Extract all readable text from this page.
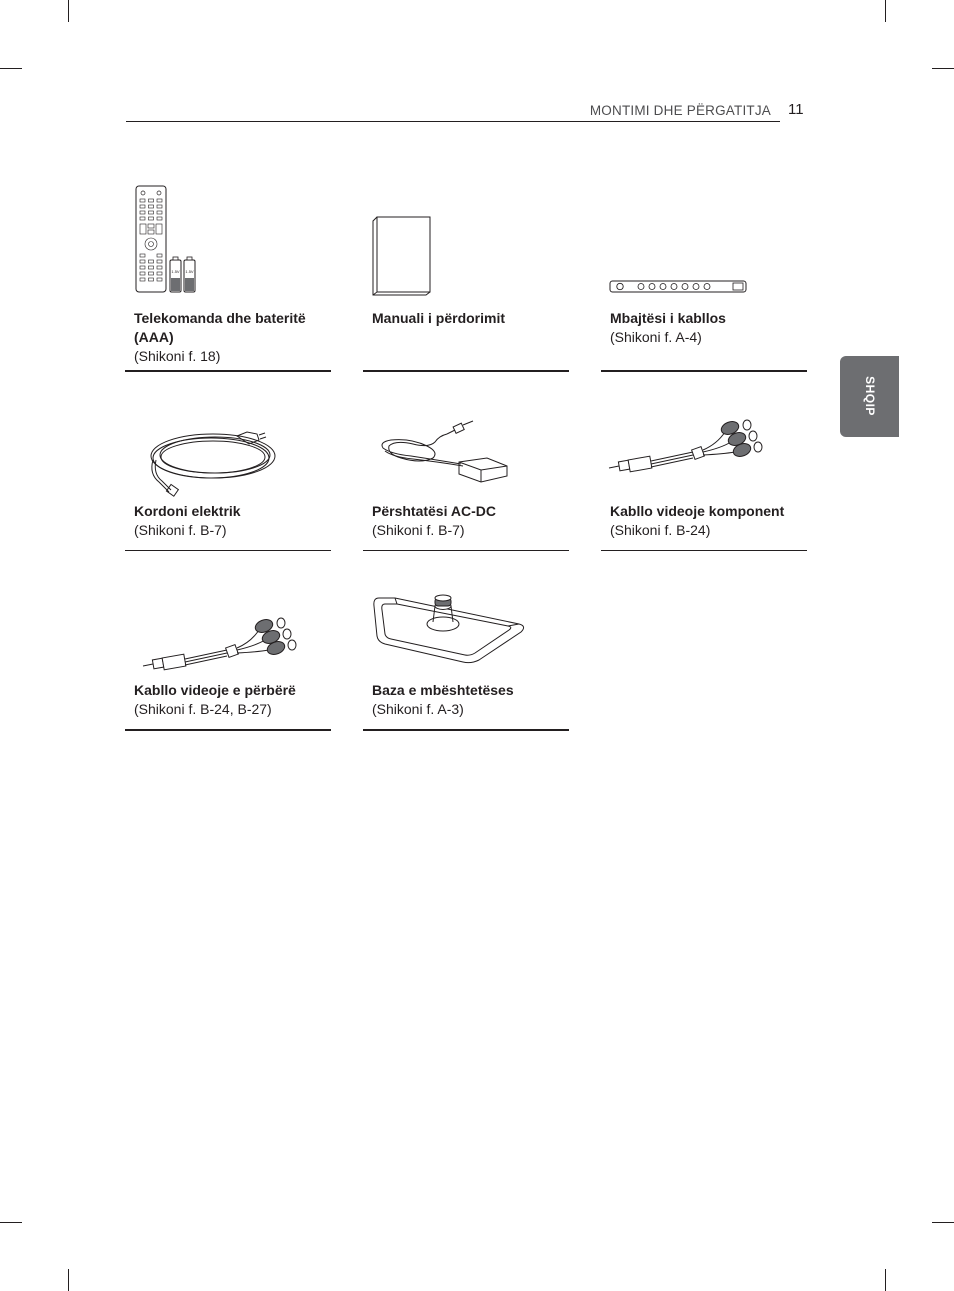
MONTIMI DHE PËRGATITJA 11
SHQIP
1.5V 1.5V
Telekomanda dhe bateritë (AAA)
(Shikoni f. 18)
Manuali i përdorimit	Mbajtësi i kabllos
(Shikoni f. A-4)
Kordoni elektrik
(Shikoni f. B-7)
Përshtatësi AC-DC
(Shikoni f. B-7)
Kabllo videoje komponent
(Shikoni f. B-24)
Kabllo videoje e përbërë
(Shikoni f. B-24, B-27)
Baza e mbështetëses
(Shikoni f. A-3)
